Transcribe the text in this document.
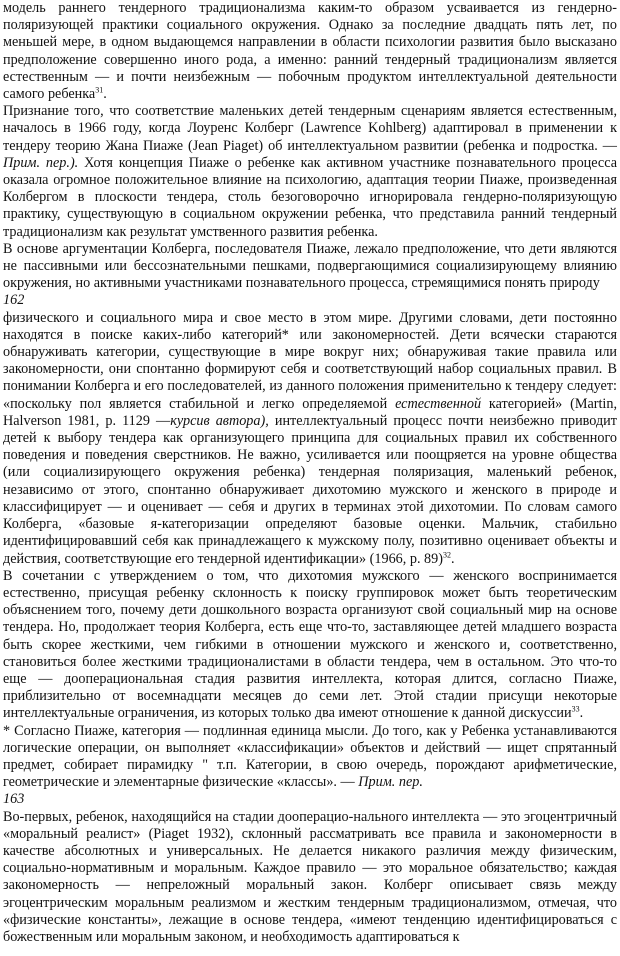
модель раннего тендерного традиционализма каким-то образом усваивается из гендерно-поляризующей практики социального окружения. Однако за последние двадцать пять лет, по меньшей мере, в одном выдающемся направлении в области психологии развития было высказано предположение совершенно иного рода, а именно: ранний тендерный традиционализм является естественным — и почти неизбежным — побочным продуктом интеллектуальной деятельности самого ребенка$^{31}$.

Признание того, что соответствие маленьких детей тендерным сценариям является естественным, началось в 1966 году, когда Лоуренс Колберг (Lawrence Kohlberg) адаптировал в применении к тендеру теорию Жана Пиаже (Jean Piaget) об интеллектуальном развитии (ребенка и подростка. — Прим. пер.). Хотя концепция Пиаже о ребенке как активном участнике познавательного процесса оказала огромное положительное влияние на психологию, адаптация теории Пиаже, произведенная Колбергом в плоскости тендера, столь безоговорочно игнорировала гендерно-поляризующую практику, существующую в социальном окружении ребенка, что представила ранний тендерный традиционализм как результат умственного развития ребенка.

В основе аргументации Колберга, последователя Пиаже, лежало предположение, что дети являются не пассивными или бессознательными пешками, подвергающимися социализирующему влиянию окружения, но активными участниками познавательного процесса, стремящимися понять природу

162

физического и социального мира и свое место в этом мире. Другими словами, дети постоянно находятся в поиске каких-либо категорий* или закономерностей. Дети всячески стараются обнаруживать категории, существующие в мире вокруг них; обнаруживая такие правила или закономерности, они спонтанно формируют себя и соответствующий набор социальных правил. В понимании Колберга и его последователей, из данного положения применительно к тендеру следует: «поскольку пол является стабильной и легко определяемой естественной категорией» (Martin, Halverson 1981, p. 1129 —курсив автора), интеллектуальный процесс почти неизбежно приводит детей к выбору тендера как организующего принципа для социальных правил их собственного поведения и поведения сверстников. Не важно, усиливается или поощряется на уровне общества (или социализирующего окружения ребенка) тендерная поляризация, маленький ребенок, независимо от этого, спонтанно обнаруживает дихотомию мужского и женского в природе и классифицирует — и оценивает — себя и других в терминах этой дихотомии. По словам самого Колберга, «базовые я-категоризации определяют базовые оценки. Мальчик, стабильно идентифицировавший себя как принадлежащего к мужскому полу, позитивно оценивает объекты и действия, соответствующие его тендерной идентификации» (1966, р. 89)$^{32}$.

В сочетании с утверждением о том, что дихотомия мужского — женского воспринимается естественно, присущая ребенку склонность к поиску группировок может быть теоретическим объяснением того, почему дети дошкольного возраста организуют свой социальный мир на основе тендера. Но, продолжает теория Колберга, есть еще что-то, заставляющее детей младшего возраста быть скорее жесткими, чем гибкими в отношении мужского и женского и, соответственно, становиться более жесткими традиционалистами в области тендера, чем в остальном. Это что-то еще — дооперациональная стадия развития интеллекта, которая длится, согласно Пиаже, приблизительно от восемнадцати месяцев до семи лет. Этой стадии присущи некоторые интеллектуальные ограничения, из которых только два имеют отношение к данной дискуссии$^{33}$.

* Согласно Пиаже, категория — подлинная единица мысли. До того, как у Ребенка устанавливаются логические операции, он выполняет «классификации» объектов и действий — ищет спрятанный предмет, собирает пирамидку " т.п. Категории, в свою очередь, порождают арифметические, геометрические и элементарные физические «классы». — Прим. пер.

163

Во-первых, ребенок, находящийся на стадии дооперацио-нального интеллекта — это эгоцентричный «моральный реалист» (Piaget 1932), склонный рассматривать все правила и закономерности в качестве абсолютных и универсальных. Не делается никакого различия между физическим, социально-нормативным и моральным. Каждое правило — это моральное обязательство; каждая закономерность — непреложный моральный закон. Колберг описывает связь между эгоцентрическим моральным реализмом и жестким тендерным традиционализмом, отмечая, что «физические константы», лежащие в основе тендера, «имеют тенденцию идентифицироваться с божественным или моральным законом, и необходимость адаптироваться к
